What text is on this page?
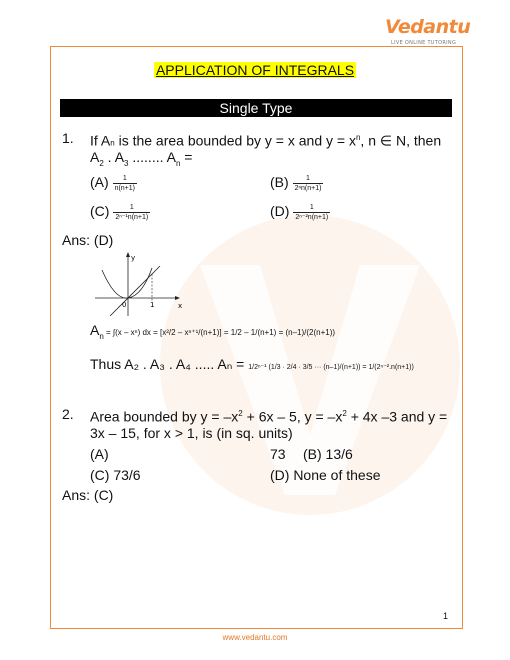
Vedantu
LIVE ONLINE TUTORING
APPLICATION OF INTEGRALS
Single Type
1. If An is the area bounded by y = x and $y = x^n$, n ∈ N, then
$A_2$ . $A_3$ ........ $A_n$ =
$(A) \frac{1}{n(n+1)}$	$(B) \frac{1}{\text{2ⁿn(n+1)}}$
$(C) \frac{1}{\text{2ⁿ⁻¹n(n+1)}}$	$(D) \frac{1}{\text{2ⁿ⁻²n(n+1)}}$
Ans: (D)
y
x
0	1
$A_n = \int(x - x^n)$ dx = [x²/2 – xⁿ⁺¹/(n+1)] = 1/2 – 1/(n+1) = (n–1)/(2(n+1))
Thus A₂ . A₃ . A₄ ..... Aₙ = 1/2ⁿ⁻¹ (1/3 · 2/4 · 3/5 ··· (n–1)/(n+1)) = 1/(2ⁿ⁻².n(n+1))
2. Area bounded by $y = -x^2 + 6x - 5$, $y = -x^2 + 4x$ –3 and y =
3x – 15, for x > 1, is (in sq. units)
(A)	73 (B) 13/6
(C) 73/6	(D) None of these
Ans: (C)
1
www.vedantu.com
